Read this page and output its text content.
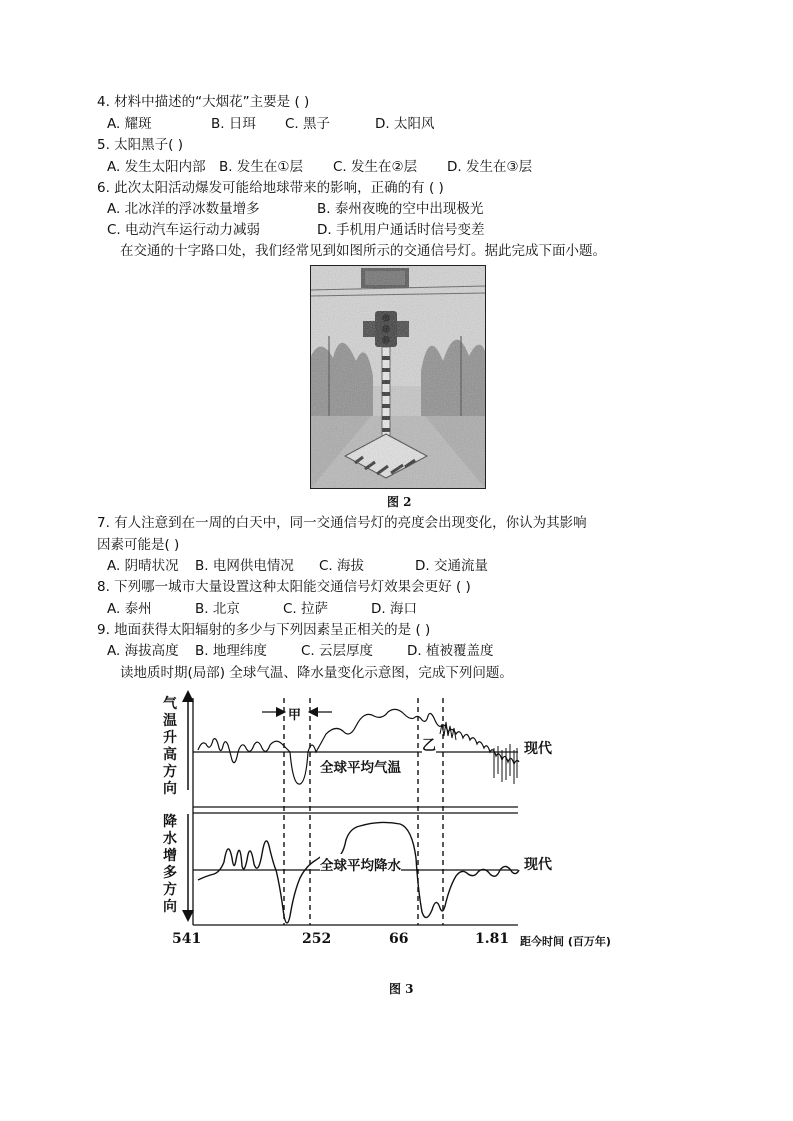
4. 材料中描述的“大烟花”主要是 ( )
A. 耀斑	B. 日珥 C. 黑子	D. 太阳风
5. 太阳黑子( )
A. 发生太阳内部 B. 发生在①层 C. 发生在②层 D. 发生在③层
6. 此次太阳活动爆发可能给地球带来的影响，正确的有 ( )
A. 北冰洋的浮冰数量增多	B. 泰州夜晚的空中出现极光
C. 电动汽车运行动力减弱	D. 手机用户通话时信号变差
在交通的十字路口处，我们经常见到如图所示的交通信号灯。据此完成下面小题。
图 2
7. 有人注意到在一周的白天中，同一交通信号灯的亮度会出现变化，你认为其影响
因素可能是( )
A. 阴晴状况 B. 电网供电情况 C. 海拔	D. 交通流量
8. 下列哪一城市大量设置这种太阳能交通信号灯效果会更好 ( )
A. 泰州	B. 北京	C. 拉萨	D. 海口
9. 地面获得太阳辐射的多少与下列因素呈正相关的是 ( )
A. 海拔高度 B. 地理纬度	C. 云层厚度	D. 植被覆盖度
读地质时期(局部) 全球气温、降水量变化示意图，完成下列问题。
气
温
升
高
方
向
降
水
增
多
方
向
甲
乙	现代
现代
全球平均气温
全球平均降水
541	252	66	1.81 距今时间 (百万年)
图 3
